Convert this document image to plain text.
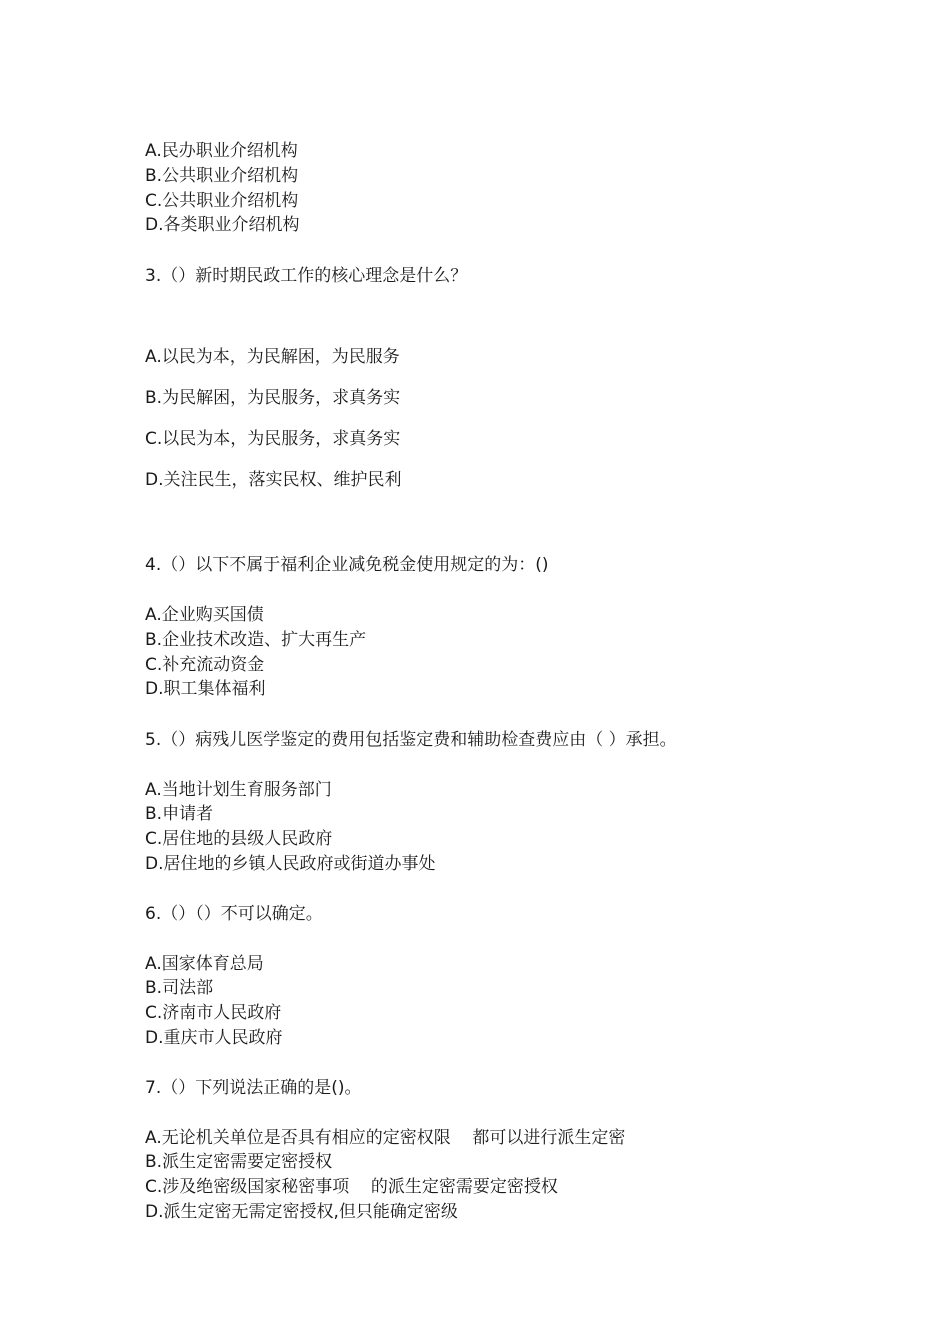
A.民办职业介绍机构
B.公共职业介绍机构
C.公共职业介绍机构
D.各类职业介绍机构
3.（）新时期民政工作的核心理念是什么？
A.以民为本，为民解困，为民服务
B.为民解困，为民服务，求真务实
C.以民为本，为民服务，求真务实
D.关注民生，落实民权、维护民利
4.（）以下不属于福利企业减免税金使用规定的为：()
A.企业购买国债
B.企业技术改造、扩大再生产
C.补充流动资金
D.职工集体福利
5.（）病残儿医学鉴定的费用包括鉴定费和辅助检查费应由（ ）承担。
A.当地计划生育服务部门
B.申请者
C.居住地的县级人民政府
D.居住地的乡镇人民政府或街道办事处
6.（）（）不可以确定。
A.国家体育总局
B.司法部
C.济南市人民政府
D.重庆市人民政府
7.（）下列说法正确的是()。
A.无论机关单位是否具有相应的定密权限    都可以进行派生定密
B.派生定密需要定密授权
C.涉及绝密级国家秘密事项    的派生定密需要定密授权
D.派生定密无需定密授权,但只能确定密级
